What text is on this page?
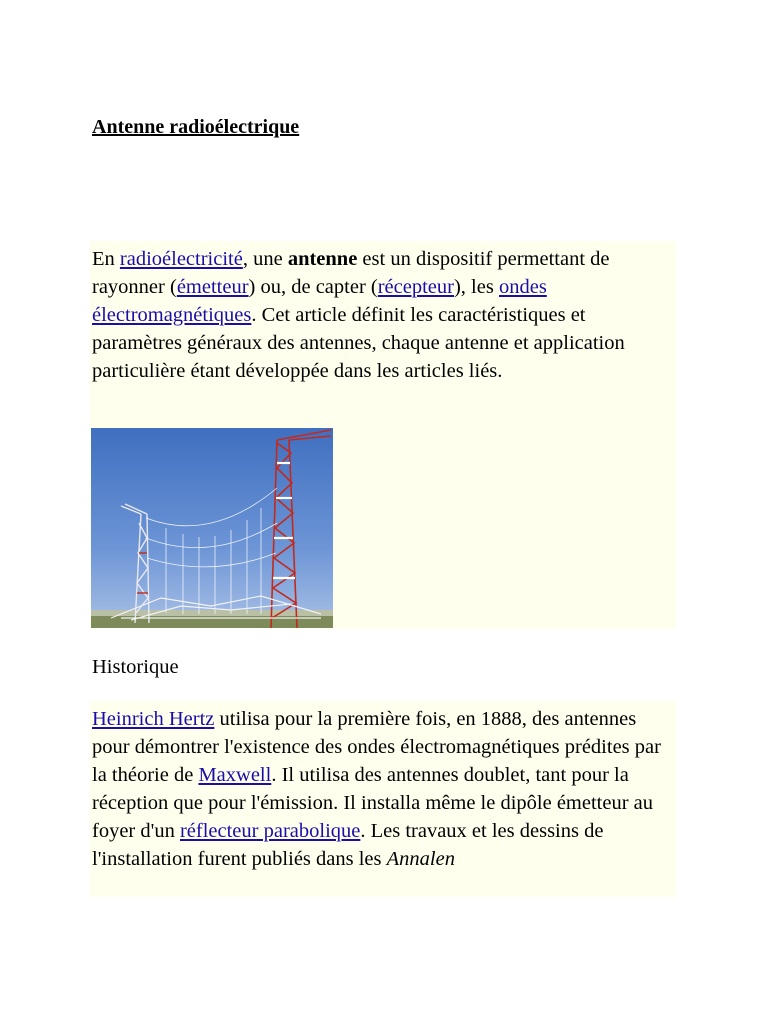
Antenne radioélectrique

En radioélectricité, une antenne est un dispositif permettant de rayonner (émetteur) ou, de capter (récepteur), les ondes électromagnétiques. Cet article définit les caractéristiques et paramètres généraux des antennes, chaque antenne et application particulière étant développée dans les articles liés.

Historique

Heinrich Hertz utilisa pour la première fois, en 1888, des antennes pour démontrer l'existence des ondes électromagnétiques prédites par la théorie de Maxwell. Il utilisa des antennes doublet, tant pour la réception que pour l'émission. Il installa même le dipôle émetteur au foyer d'un réflecteur parabolique. Les travaux et les dessins de l'installation furent publiés dans les Annalen
